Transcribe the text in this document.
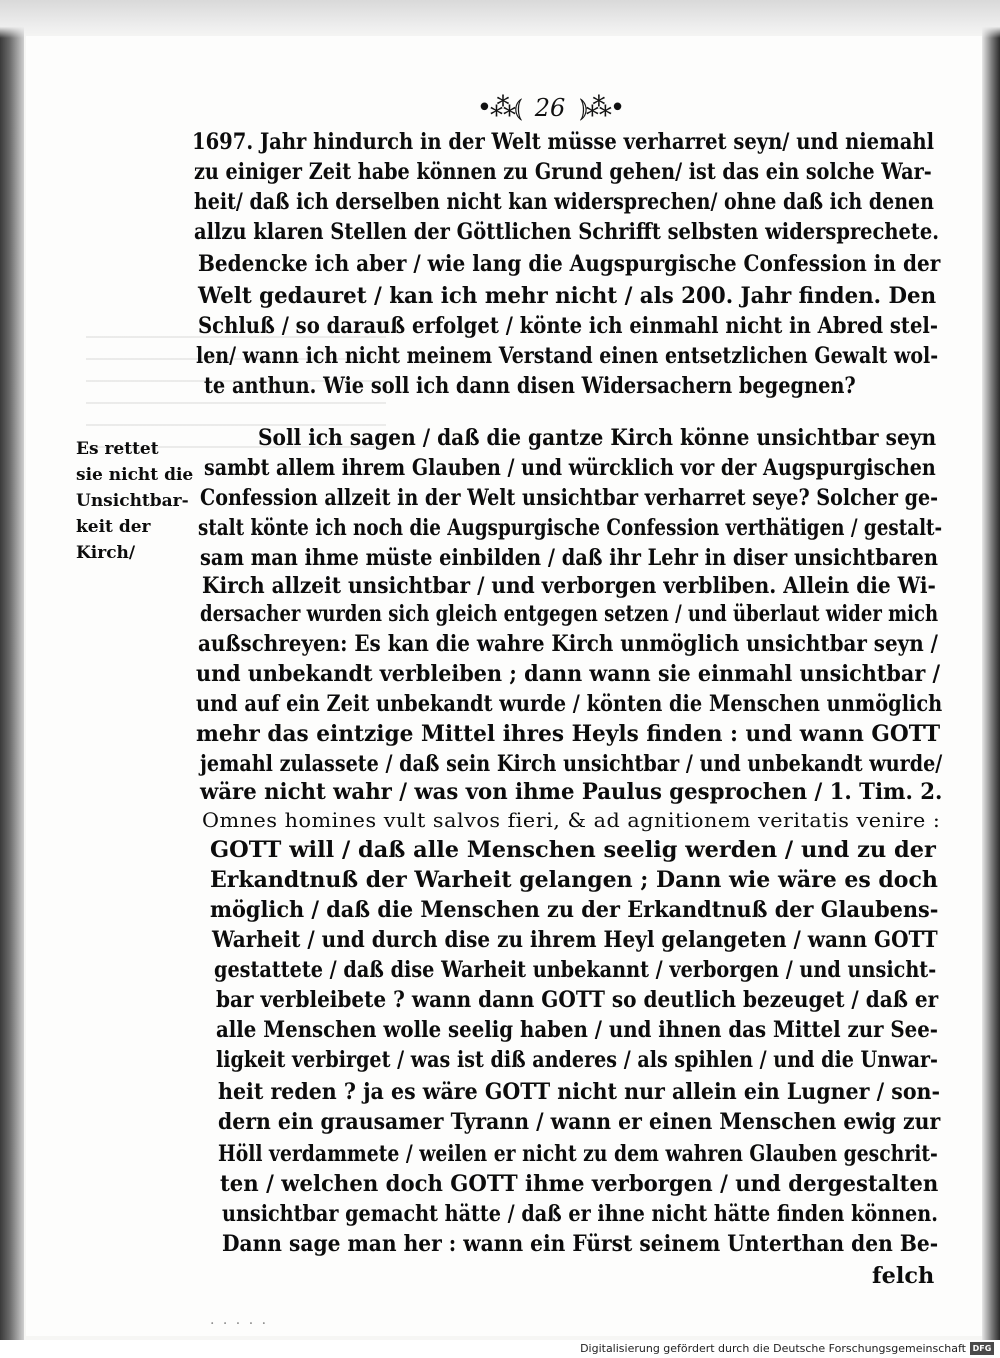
•⁂⦅ 26 ⦆⁂•

Es rettet

sie nicht die

Unsichtbar-

keit der

Kirch/

1697. Jahr hindurch in der Welt müsse verharret seyn/ und niemahl

zu einiger Zeit habe können zu Grund gehen/ ist das ein solche War-

heit/ daß ich derselben nicht kan widersprechen/ ohne daß ich denen

allzu klaren Stellen der Göttlichen Schrifft selbsten widersprechete.

Bedencke ich aber / wie lang die Augspurgische Confession in der

Welt gedauret / kan ich mehr nicht / als 200. Jahr finden. Den

Schluß / so darauß erfolget / könte ich einmahl nicht in Abred stel-

len/ wann ich nicht meinem Verstand einen entsetzlichen Gewalt wol-

te anthun. Wie soll ich dann disen Widersachern begegnen?

Soll ich sagen / daß die gantze Kirch könne unsichtbar seyn

sambt allem ihrem Glauben / und würcklich vor der Augspurgischen

Confession allzeit in der Welt unsichtbar verharret seye? Solcher ge-

stalt könte ich noch die Augspurgische Confession verthätigen / gestalt-

sam man ihme müste einbilden / daß ihr Lehr in diser unsichtbaren

Kirch allzeit unsichtbar / und verborgen verbliben. Allein die Wi-

dersacher wurden sich gleich entgegen setzen / und überlaut wider mich

außschreyen: Es kan die wahre Kirch unmöglich unsichtbar seyn /

und unbekandt verbleiben ; dann wann sie einmahl unsichtbar /

und auf ein Zeit unbekandt wurde / könten die Menschen unmöglich

mehr das eintzige Mittel ihres Heyls finden : und wann GOTT

jemahl zulassete / daß sein Kirch unsichtbar / und unbekandt wurde/

wäre nicht wahr / was von ihme Paulus gesprochen / 1. Tim. 2.

Omnes homines vult salvos fieri, & ad agnitionem veritatis venire :

GOTT will / daß alle Menschen seelig werden / und zu der

Erkandtnuß der Warheit gelangen ; Dann wie wäre es doch

möglich / daß die Menschen zu der Erkandtnuß der Glaubens-

Warheit / und durch dise zu ihrem Heyl gelangeten / wann GOTT

gestattete / daß dise Warheit unbekannt / verborgen / und unsicht-

bar verbleibete ? wann dann GOTT so deutlich bezeuget / daß er

alle Menschen wolle seelig haben / und ihnen das Mittel zur See-

ligkeit verbirget / was ist diß anderes / als spihlen / und die Unwar-

heit reden ? ja es wäre GOTT nicht nur allein ein Lugner / son-

dern ein grausamer Tyrann / wann er einen Menschen ewig zur

Höll verdammete / weilen er nicht zu dem wahren Glauben geschrit-

ten / welchen doch GOTT ihme verborgen / und dergestalten

unsichtbar gemacht hätte / daß er ihne nicht hätte finden können.

Dann sage man her : wann ein Fürst seinem Unterthan den Be-

felch

· · · · ·
Digitalisierung gefördert durch die Deutsche Forschungsgemeinschaft DFG
